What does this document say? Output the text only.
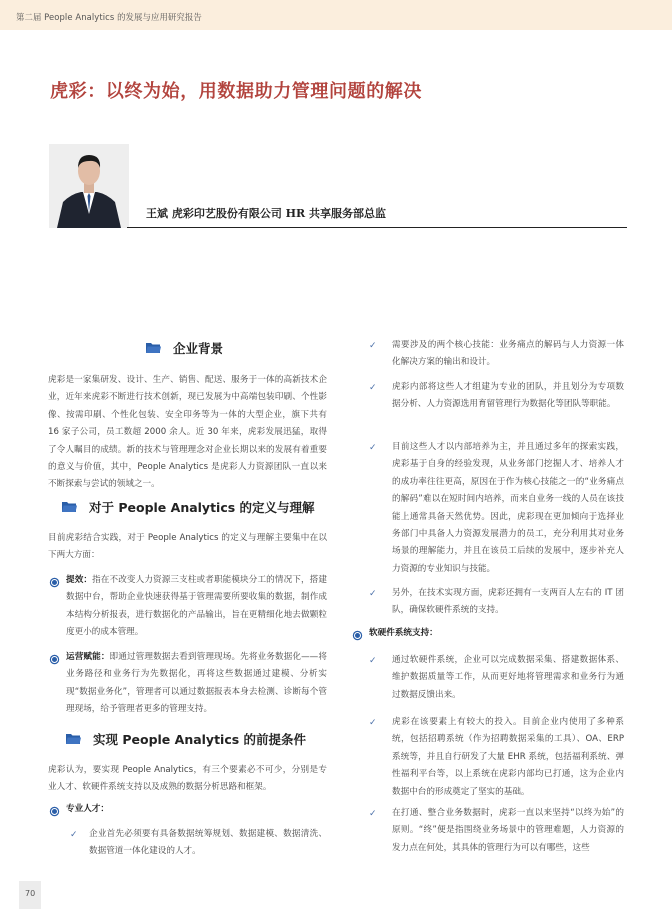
第二届 People Analytics 的发展与应用研究报告
虎彩：以终为始，用数据助力管理问题的解决
王斌 虎彩印艺股份有限公司 HR 共享服务部总监
企业背景
虎彩是一家集研发、设计、生产、销售、配送、服务于一体的高新技术企业，近年来虎彩不断进行技术创新，现已发展为中高端包装印刷、个性影像、按需印刷、个性化包装、安全印务等为一体的大型企业，旗下共有 16 家子公司，员工数超 2000 余人。近 30 年来，虎彩发展迅猛，取得了令人瞩目的成绩。新的技术与管理理念对企业长期以来的发展有着重要的意义与价值，其中，People Analytics 是虎彩人力资源团队一直以来不断探索与尝试的领域之一。
对于 People Analytics 的定义与理解
目前虎彩结合实践，对于 People Analytics 的定义与理解主要集中在以下两大方面：
提效：指在不改变人力资源三支柱或者职能模块分工的情况下，搭建数据中台，帮助企业快速获得基于管理需要所要收集的数据，制作成本结构分析报表，进行数据化的产品输出，旨在更精细化地去做颗粒度更小的成本管理。
运营赋能：即通过管理数据去看到管理现场。先将业务数据化——将业务路径和业务行为先数据化，再将这些数据通过建模、分析实现“数据业务化”，管理者可以通过数据报表本身去检测、诊断每个管理现场，给予管理者更多的管理支持。
实现 People Analytics 的前提条件
虎彩认为，要实现 People Analytics，有三个要素必不可少，分别是专业人才、软硬件系统支持以及成熟的数据分析思路和框架。
专业人才：
✓ 企业首先必须要有具备数据统筹规划、数据建模、数据清洗、数据管道一体化建设的人才。
✓ 需要涉及的两个核心技能：业务痛点的解码与人力资源一体化解决方案的输出和设计。
✓ 虎彩内部将这些人才组建为专业的团队，并且划分为专项数据分析、人力资源选用育留管理行为数据化等团队等职能。
✓ 目前这些人才以内部培养为主，并且通过多年的探索实践，虎彩基于自身的经验发现，从业务部门挖掘人才、培养人才的成功率往往更高，原因在于作为核心技能之一的“业务痛点的解码”难以在短时间内培养，而来自业务一线的人员在该技能上通常具备天然优势。因此，虎彩现在更加倾向于选择业务部门中具备人力资源发展潜力的员工，充分利用其对业务场景的理解能力，并且在该员工后续的发展中，逐步补充人力资源的专业知识与技能。
✓ 另外，在技术实现方面，虎彩还拥有一支两百人左右的 IT 团队，确保软硬件系统的支持。
软硬件系统支持：
✓ 通过软硬件系统，企业可以完成数据采集、搭建数据体系、维护数据质量等工作，从而更好地将管理需求和业务行为通过数据反馈出来。
✓ 虎彩在该要素上有较大的投入。目前企业内使用了多种系统，包括招聘系统（作为招聘数据采集的工具）、OA、ERP 系统等，并且自行研发了大量 EHR 系统，包括福利系统、弹性福利平台等，以上系统在虎彩内部均已打通，这为企业内数据中台的形成奠定了坚实的基础。
✓ 在打通、整合业务数据时，虎彩一直以来坚持“以终为始”的原则。“终”便是指围绕业务场景中的管理难题，人力资源的发力点在何处，其具体的管理行为可以有哪些，这些
70
